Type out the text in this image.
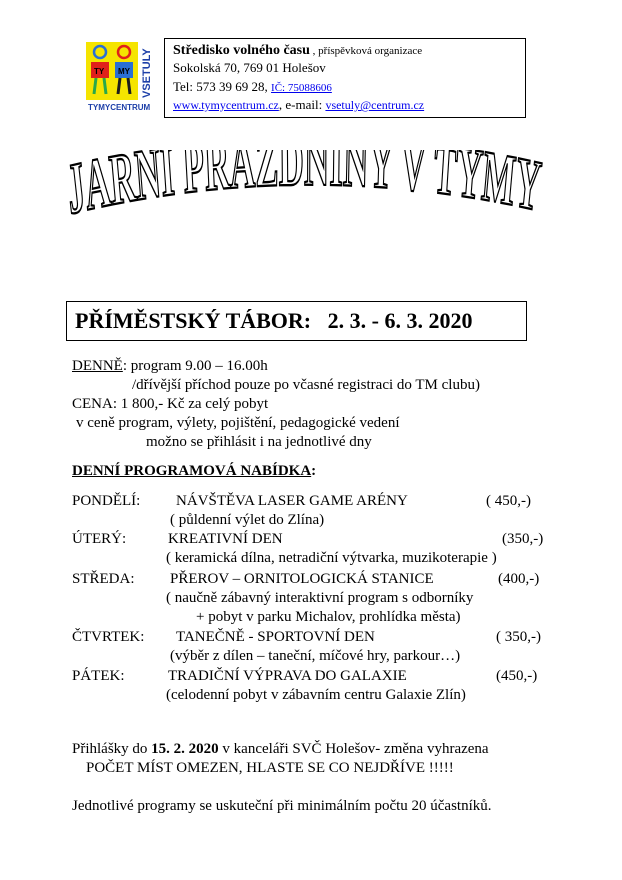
TY MY VSETULY
TYMYCENTRUM
Středisko volného času , příspěvková organizace
Sokolská 70, 769 01 Holešov
Tel: 573 39 69 28, IČ: 75088606
www.tymycentrum.cz, e-mail: vsetuly@centrum.cz
JARNÍ PRÁZDNINY V TYMY
PŘÍMĚSTSKÝ TÁBOR: 2. 3. - 6. 3. 2020
DENNĚ: program 9.00 – 16.00h
/dřívější příchod pouze po včasné registraci do TM clubu)
CENA: 1 800,- Kč za celý pobyt
v ceně program, výlety, pojištění, pedagogické vedení
možno se přihlásit i na jednotlivé dny
DENNÍ PROGRAMOVÁ NABÍDKA:
PONDĚLÍ: NÁVŠTĚVA LASER GAME ARÉNY	( 450,-)
( půldenní výlet do Zlína)
ÚTERÝ:	KREATIVNÍ DEN	(350,-)
( keramická dílna, netradiční výtvarka, muzikoterapie )
STŘEDA: PŘEROV – ORNITOLOGICKÁ STANICE	(400,-)
( naučně zábavný interaktivní program s odborníky
+ pobyt v parku Michalov, prohlídka města)
ČTVRTEK: TANEČNĚ - SPORTOVNÍ DEN	( 350,-)
(výběr z dílen – taneční, míčové hry, parkour…)
PÁTEK:	TRADIČNÍ VÝPRAVA DO GALAXIE	(450,-)
(celodenní pobyt v zábavním centru Galaxie Zlín)
Přihlášky do 15. 2. 2020 v kanceláři SVČ Holešov- změna vyhrazena
POČET MÍST OMEZEN, HLASTE SE CO NEJDŘÍVE !!!!!
Jednotlivé programy se uskuteční při minimálním počtu 20 účastníků.
